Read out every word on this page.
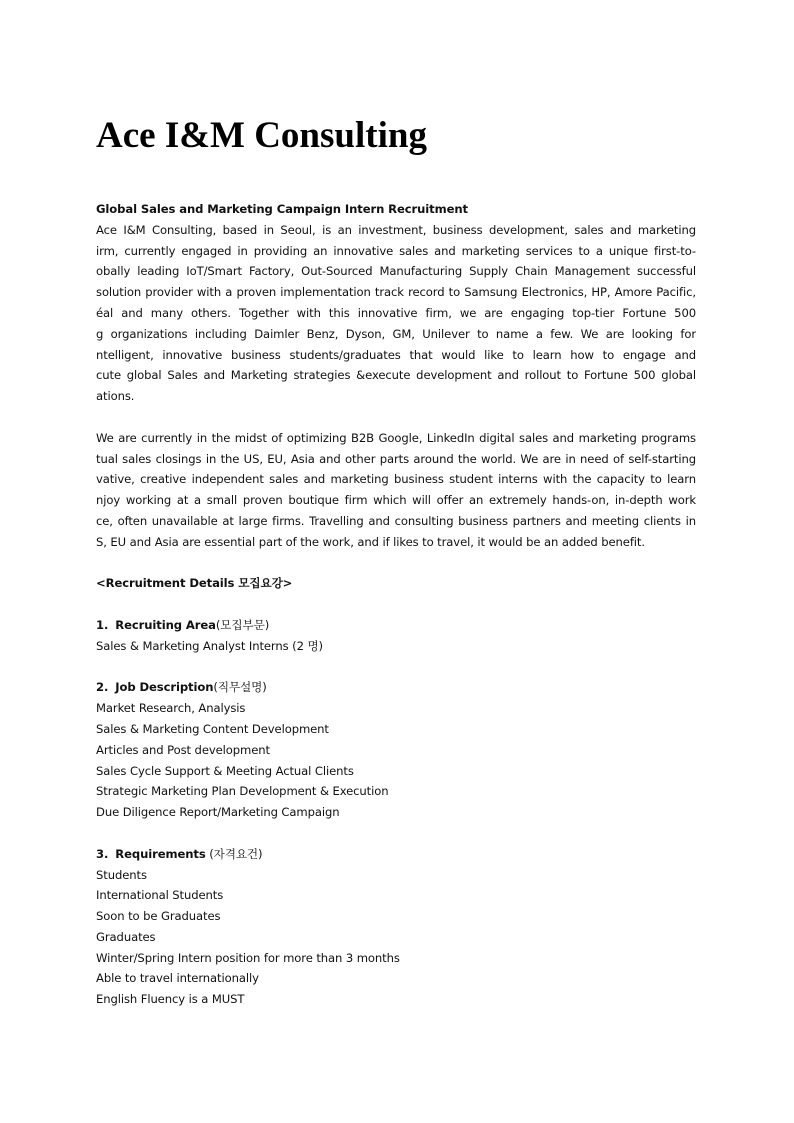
Ace I&M Consulting
Global Sales and Marketing Campaign Intern Recruitment
Ace I&M Consulting, based in Seoul, is an investment, business development, sales and marketing
irm, currently engaged in providing an innovative sales and marketing services to a unique first-to-
obally leading IoT/Smart Factory, Out-Sourced Manufacturing Supply Chain Management successful
solution provider with a proven implementation track record to Samsung Electronics, HP, Amore Pacific,
éal and many others. Together with this innovative firm, we are engaging top-tier Fortune 500
g organizations including Daimler Benz, Dyson, GM, Unilever to name a few. We are looking for
ntelligent, innovative business students/graduates that would like to learn how to engage and
cute global Sales and Marketing strategies &execute development and rollout to Fortune 500 global
ations.
We are currently in the midst of optimizing B2B Google, LinkedIn digital sales and marketing programs
tual sales closings in the US, EU, Asia and other parts around the world. We are in need of self-starting
vative, creative independent sales and marketing business student interns with the capacity to learn
njoy working at a small proven boutique firm which will offer an extremely hands-on, in-depth work
ce, often unavailable at large firms. Travelling and consulting business partners and meeting clients in
S, EU and Asia are essential part of the work, and if likes to travel, it would be an added benefit.
<Recruitment Details 모집요강>
1. Recruiting Area(모집부문)
Sales & Marketing Analyst Interns (2 명)
2. Job Description(직무설명)
Market Research, Analysis
Sales & Marketing Content Development
Articles and Post development
Sales Cycle Support & Meeting Actual Clients
Strategic Marketing Plan Development & Execution
Due Diligence Report/Marketing Campaign
3. Requirements (자격요건)
Students
International Students
Soon to be Graduates
Graduates
Winter/Spring Intern position for more than 3 months
Able to travel internationally
English Fluency is a MUST
